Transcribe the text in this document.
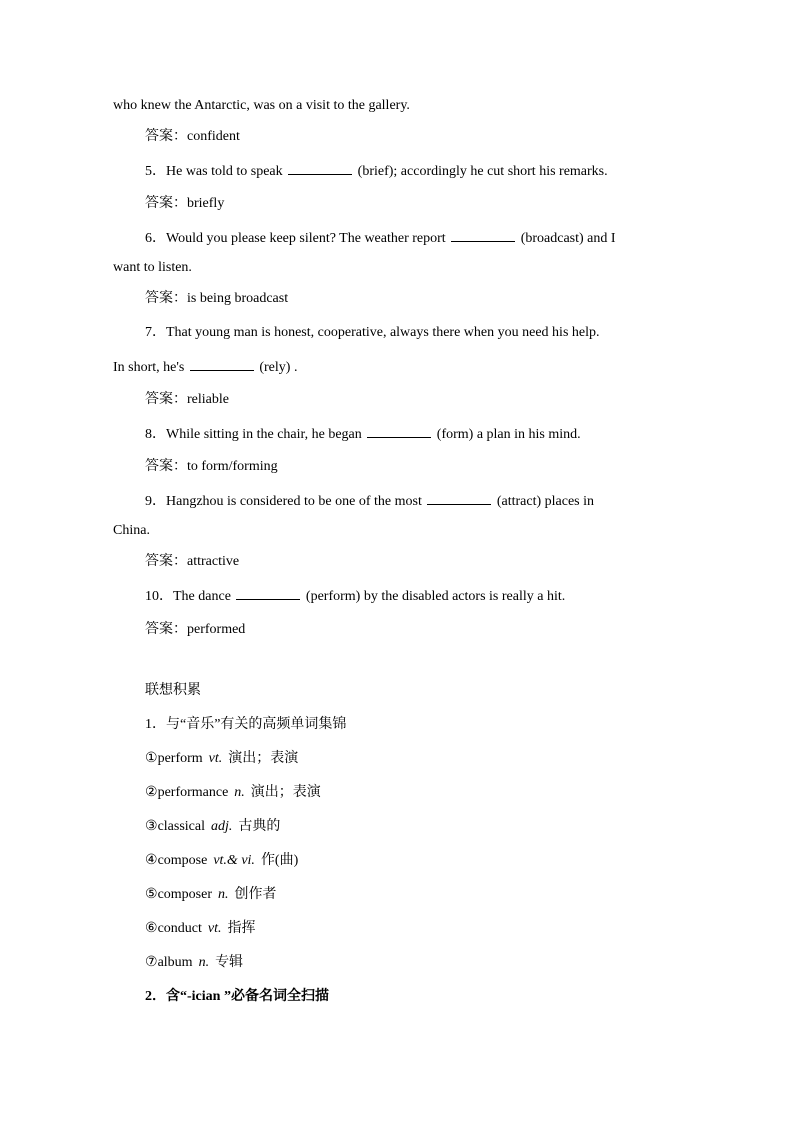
who knew the Antarctic, was on a visit to the gallery.
答案：confident
5．He was told to speak	(brief); accordingly he cut short his remarks.
答案：briefly
6．Would you please keep silent? The weather report	(broadcast) and I
want to listen.
答案：is being broadcast
7．That young man is honest, cooperative, always there when you need his help.
In short, he's	(rely) .
答案：reliable
8．While sitting in the chair, he began	(form) a plan in his mind.
答案：to form/forming
9．Hangzhou is considered to be one of the most	(attract) places in
China.
答案：attractive
10．The dance	(perform) by the disabled actors is really a hit.
答案：performed
联想积累
1．与“音乐”有关的高频单词集锦
①perform vt. 演出；表演
②performance n. 演出；表演
③classical adj. 古典的
④compose vt.& vi. 作(曲)
⑤composer n. 创作者
⑥conduct vt. 指挥
⑦album n. 专辑
2．含“-ician ”必备名词全扫描
